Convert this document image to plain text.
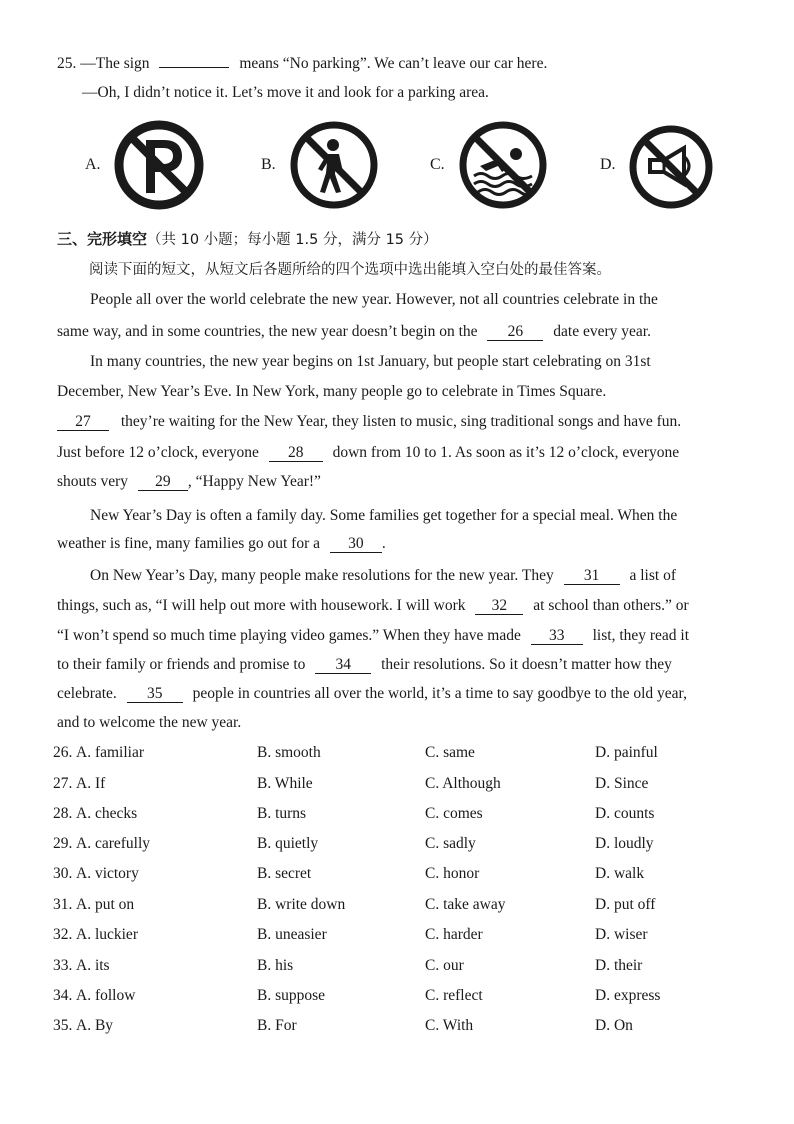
25. —The sign	means “No parking”. We can’t leave our car here.
—Oh, I didn’t notice it. Let’s move it and look for a parking area.
A.	B.	C.	D.
三、完形填空（共 10 小题；每小题 1.5 分，满分 15 分）
阅读下面的短文，从短文后各题所给的四个选项中选出能填入空白处的最佳答案。
People all over the world celebrate the new year. However, not all countries celebrate in the
same way, and in some countries, the new year doesn’t begin on the 26 date every year.
In many countries, the new year begins on 1st January, but people start celebrating on 31st
December, New Year’s Eve. In New York, many people go to celebrate in Times Square.
27 they’re waiting for the New Year, they listen to music, sing traditional songs and have fun.
Just before 12 o’clock, everyone 28 down from 10 to 1. As soon as it’s 12 o’clock, everyone
shouts very 29 , “Happy New Year!”
New Year’s Day is often a family day. Some families get together for a special meal. When the
weather is fine, many families go out for a 30 .
On New Year’s Day, many people make resolutions for the new year. They 31 a list of
things, such as, “I will help out more with housework. I will work 32 at school than others.” or
“I won’t spend so much time playing video games.” When they have made 33 list, they read it
to their family or friends and promise to 34 their resolutions. So it doesn’t matter how they
celebrate. 35 people in countries all over the world, it’s a time to say goodbye to the old year,
and to welcome the new year.
26. A. familiar	B. smooth	C. same	D. painful
27. A. If	B. While	C. Although	D. Since
28. A. checks	B. turns	C. comes	D. counts
29. A. carefully	B. quietly	C. sadly	D. loudly
30. A. victory	B. secret	C. honor	D. walk
31. A. put on	B. write down	C. take away	D. put off
32. A. luckier	B. uneasier	C. harder	D. wiser
33. A. its	B. his	C. our	D. their
34. A. follow	B. suppose	C. reflect	D. express
35. A. By	B. For	C. With	D. On
